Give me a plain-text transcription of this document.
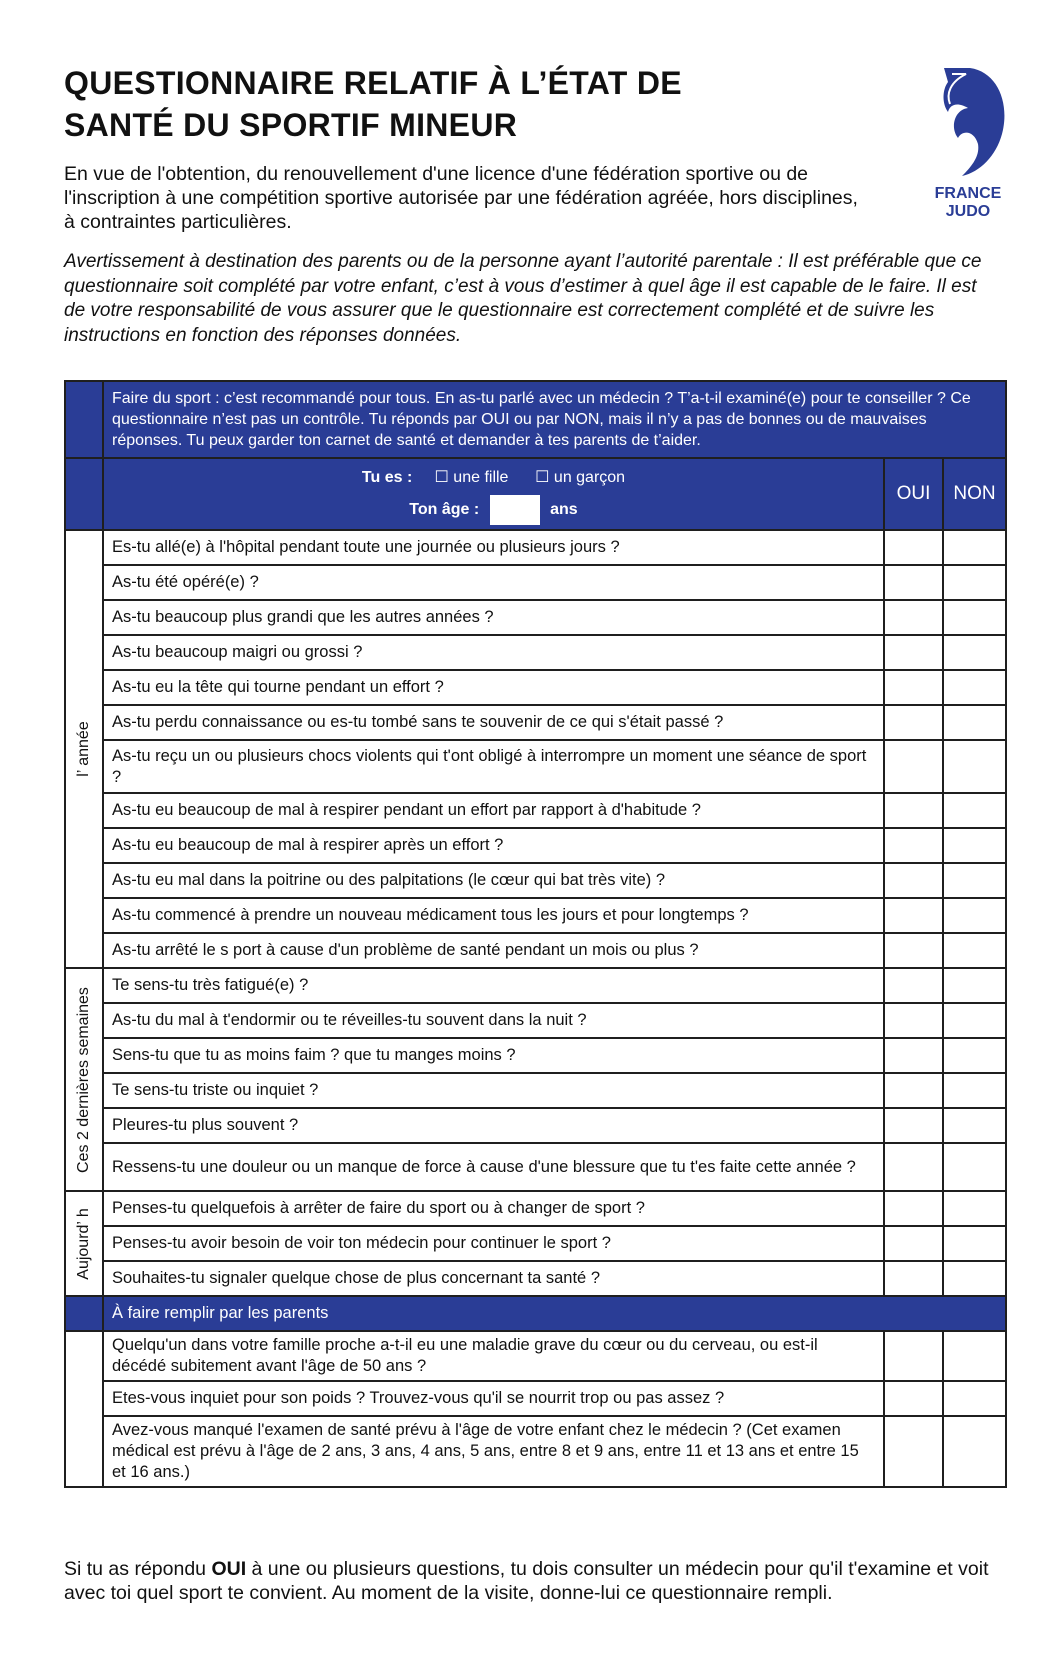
QUESTIONNAIRE RELATIF À L’ÉTAT DE
SANTÉ DU SPORTIF MINEUR
FRANCE
JUDO
En vue de l'obtention, du renouvellement d'une licence d'une fédération sportive ou de l'inscription à une compétition sportive autorisée par une fédération agréée, hors disciplines, à contraintes particulières.
Avertissement à destination des parents ou de la personne ayant l’autorité parentale : Il est préférable que ce questionnaire soit complété par votre enfant, c’est à vous d’estimer à quel âge il est capable de le faire. Il est de votre responsabilité de vous assurer que le questionnaire est correctement complété et de suivre les instructions en fonction des réponses données.
	Faire du sport : c’est recommandé pour tous. En as-tu parlé avec un médecin ? T’a-t-il examiné(e) pour te conseiller ? Ce questionnaire n’est pas un contrôle. Tu réponds par OUI ou par NON, mais il n’y a pas de bonnes ou de mauvaises réponses. Tu peux garder ton carnet de santé et demander à tes parents de t’aider.		

	Tu es : ☐ une fille ☐ un garçon
Ton âge : ans	OUI	NON

l’ année	Es-tu allé(e) à l'hôpital pendant toute une journée ou plusieurs jours ?		
	As-tu été opéré(e) ?		
	As-tu beaucoup plus grandi que les autres années ?		
	As-tu beaucoup maigri ou grossi ?		
	As-tu eu la tête qui tourne pendant un effort ?		
	As-tu perdu connaissance ou es-tu tombé sans te souvenir de ce qui s'était passé ?		
	As-tu reçu un ou plusieurs chocs violents qui t'ont obligé à interrompre un moment une séance de sport ?		
	As-tu eu beaucoup de mal à respirer pendant un effort par rapport à d'habitude ?		
	As-tu eu beaucoup de mal à respirer après un effort ?		
	As-tu eu mal dans la poitrine ou des palpitations (le cœur qui bat très vite) ?		
	As-tu commencé à prendre un nouveau médicament tous les jours et pour longtemps ?		
	As-tu arrêté le s port à cause d'un problème de santé pendant un mois ou plus ?		

Ces 2 dernières semaines	Te sens-tu très fatigué(e) ?		
	As-tu du mal à t'endormir ou te réveilles-tu souvent dans la nuit ?		
	Sens-tu que tu as moins faim ? que tu manges moins ?		
	Te sens-tu triste ou inquiet ?		
	Pleures-tu plus souvent ?		
	Ressens-tu une douleur ou un manque de force à cause d'une blessure que tu t'es faite cette année ?		

Aujourd’ h	Penses-tu quelquefois à arrêter de faire du sport ou à changer de sport ?		
	Penses-tu avoir besoin de voir ton médecin pour continuer le sport ?		
	Souhaites-tu signaler quelque chose de plus concernant ta santé ?		
	À faire remplir par les parents		
	Quelqu'un dans votre famille proche a-t-il eu une maladie grave du cœur ou du cerveau, ou est-il décédé subitement avant l'âge de 50 ans ?		
	Etes-vous inquiet pour son poids ? Trouvez-vous qu'il se nourrit trop ou pas assez ?		
	Avez-vous manqué l'examen de santé prévu à l'âge de votre enfant chez le médecin ? (Cet examen médical est prévu à l'âge de 2 ans, 3 ans, 4 ans, 5 ans, entre 8 et 9 ans, entre 11 et 13 ans et entre 15 et 16 ans.)		
Si tu as répondu OUI à une ou plusieurs questions, tu dois consulter un médecin pour qu'il t'examine et voit avec toi quel sport te convient. Au moment de la visite, donne-lui ce questionnaire rempli.
